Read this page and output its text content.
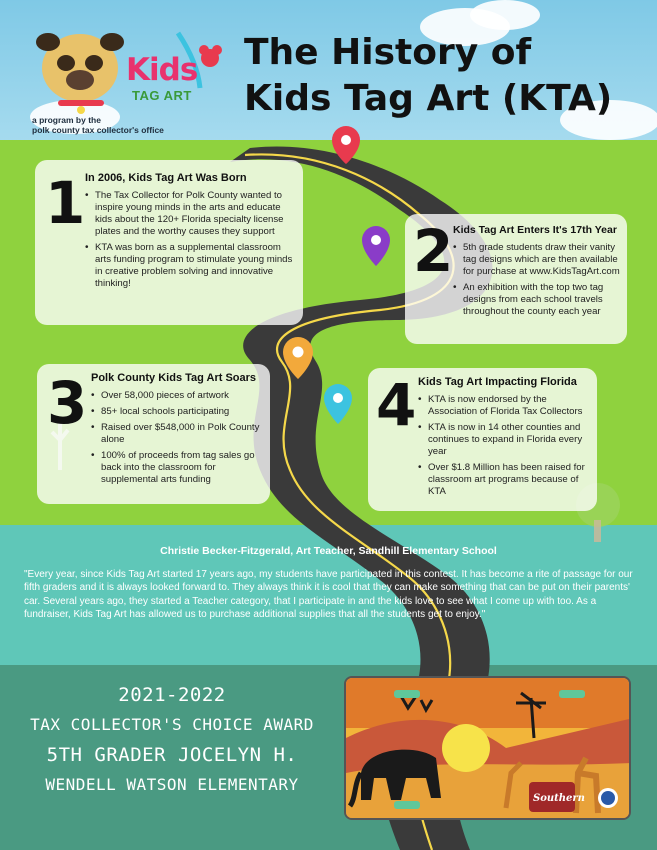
Kids
TAG ART
a program by the
polk county tax collector's office
The History of
Kids Tag Art (KTA)
1 In 2006, Kids Tag Art Was Born
• The Tax Collector for Polk County wanted to inspire young minds in the arts and educate kids about the 120+ Florida specialty license plates and the worthy causes they support
• KTA was born as a supplemental classroom arts funding program to stimulate young minds in creative problem solving and innovative thinking!	2 Kids Tag Art Enters It's 17th Year
• 5th grade students draw their vanity tag designs which are then available for purchase at www.KidsTagArt.com
• An exhibition with the top two tag designs from each school travels throughout the county each year
3 Polk County Kids Tag Art Soars
• Over 58,000 pieces of artwork
• 85+ local schools participating
• Raised over $548,000 in Polk County alone
• 100% of proceeds from tag sales go back into the classroom for supplemental arts funding
4 Kids Tag Art Impacting Florida
• KTA is now endorsed by the Association of Florida Tax Collectors
• KTA is now in 14 other counties and continues to expand in Florida every year
• Over $1.8 Million has been raised for classroom art programs because of KTA
Christie Becker-Fitzgerald, Art Teacher, Sandhill Elementary School
"Every year, since Kids Tag Art started 17 years ago, my students have participated in this contest. It has become a rite of passage for our fifth graders and it is always looked forward to. They always think it is cool that they can make something that can be put on their parents' car. Several years ago, they started a Teacher category, that I participate in and the kids love to see what I come up with too. As a fundraiser, Kids Tag Art has allowed us to purchase additional supplies that all the students get to enjoy."
2021-2022
TAX COLLECTOR'S CHOICE AWARD
5TH GRADER JOCELYN H.
WENDELL WATSON ELEMENTARY
Southern
